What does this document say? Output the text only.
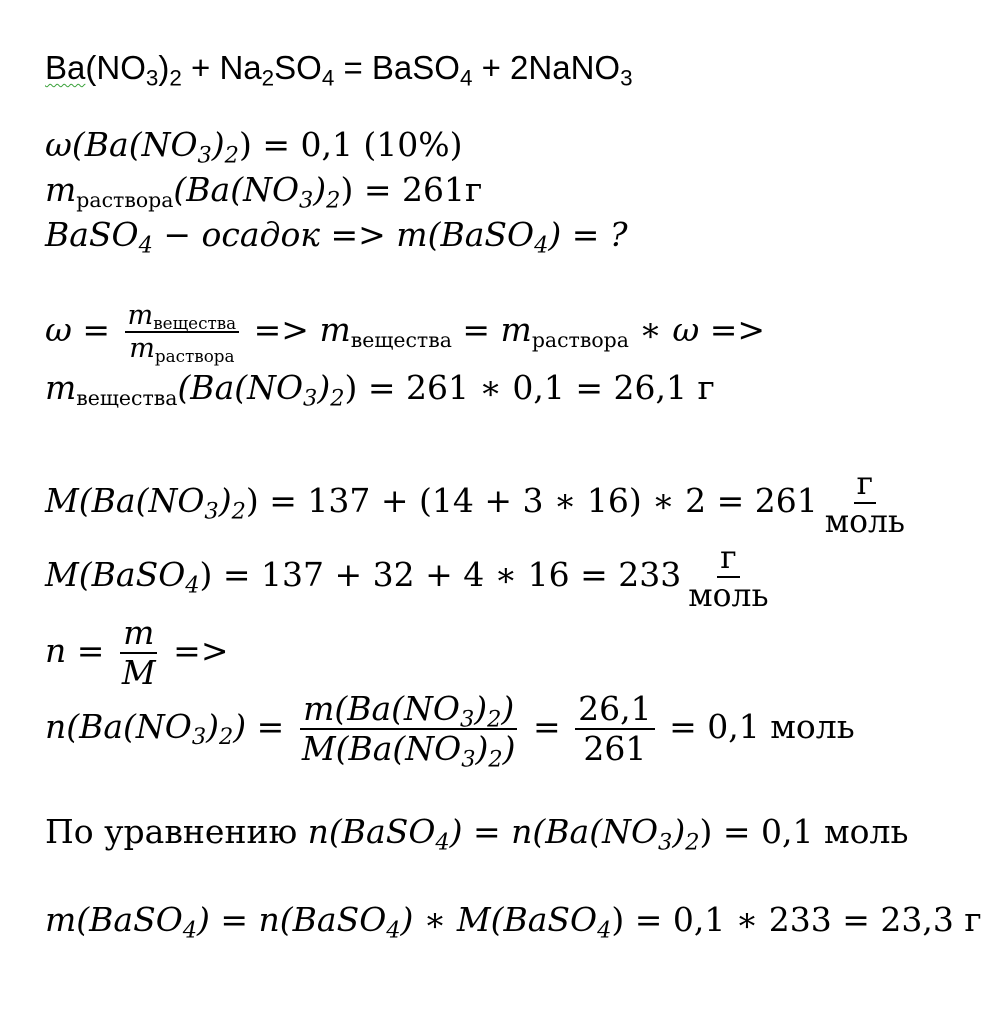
$Ba(NO_3)_2 + Na_2SO_4$ = BaSO$_4$ + 2NaNO$_3$
$\omega(Ba(NO_3)_2) = 0,1$ (10%)
$m_{раствора}(Ba(NO_3)_2) = 261г$
BaSO$_4$ − осадок => m(BaSO$_4$) = ?
$\omega = \frac{m_{вещества}}{m_{раствора}} => m_{вещества} = m_{раствора}$ ∗ ω =>
$m_{вещества}(Ba(NO_3)_2) = 261$ ∗ 0,1 = 26,1 г
$M(Ba(NO_3)_2) = 137 + (14 + 3$ ∗ 16) ∗ $2 = 261 \frac{г}{\text{моль}}$
M(BaSO$_4$) = 137 + 32 + 4 ∗ $16 = 233 \frac{г}{\text{моль}}$
$n = \frac{m}{M}$ =>
$n(Ba(NO_3)_2) = \frac{m(Ba(NO_3)_2)}{M(Ba(NO_3)_2)} = \frac{26,1}{261} = 0,1$ моль
По уравнению n(BaSO$_4$) = $n(Ba(NO_3)_2) = 0,1$ моль
m(BaSO$_4$) = n(BaSO$_4$) ∗ M(BaSO$_4$) = 0,1 ∗ 233 = 23,3 г
